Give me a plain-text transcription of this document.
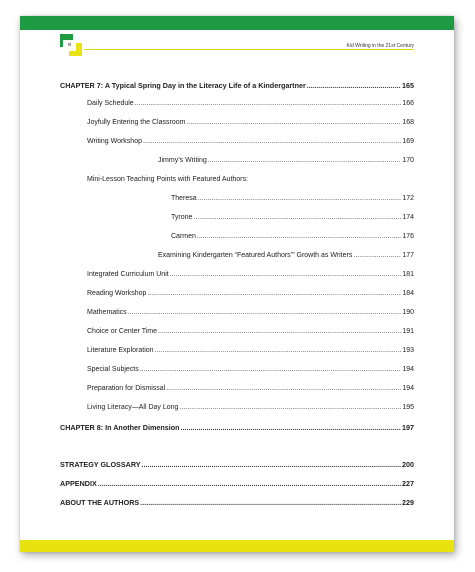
vi	Kid Writing in the 21st Century
CHAPTER 7: A Typical Spring Day in the Literacy Life of a Kindergartner .....	165
Daily Schedule .....	166
Joyfully Entering the Classroom .....	168
Writing Workshop .....	169
Jimmy’s Writing .....	170
Mini-Lesson Teaching Points with Featured Authors:
Theresa .....	172
Tyrone .....	174
Carmen .....	176
Examining Kindergarten “Featured Authors’” Growth as Writers .....	177
Integrated Curriculum Unit .....	181
Reading Workshop .....	184
Mathematics .....	190
Choice or Center Time .....	191
Literature Exploration .....	193
Special Subjects .....	194
Preparation for Dismissal .....	194
Living Literacy—All Day Long .....	195
CHAPTER 8: In Another Dimension .....	197
STRATEGY GLOSSARY .....	200
APPENDIX .....	227
ABOUT THE AUTHORS .....	229
